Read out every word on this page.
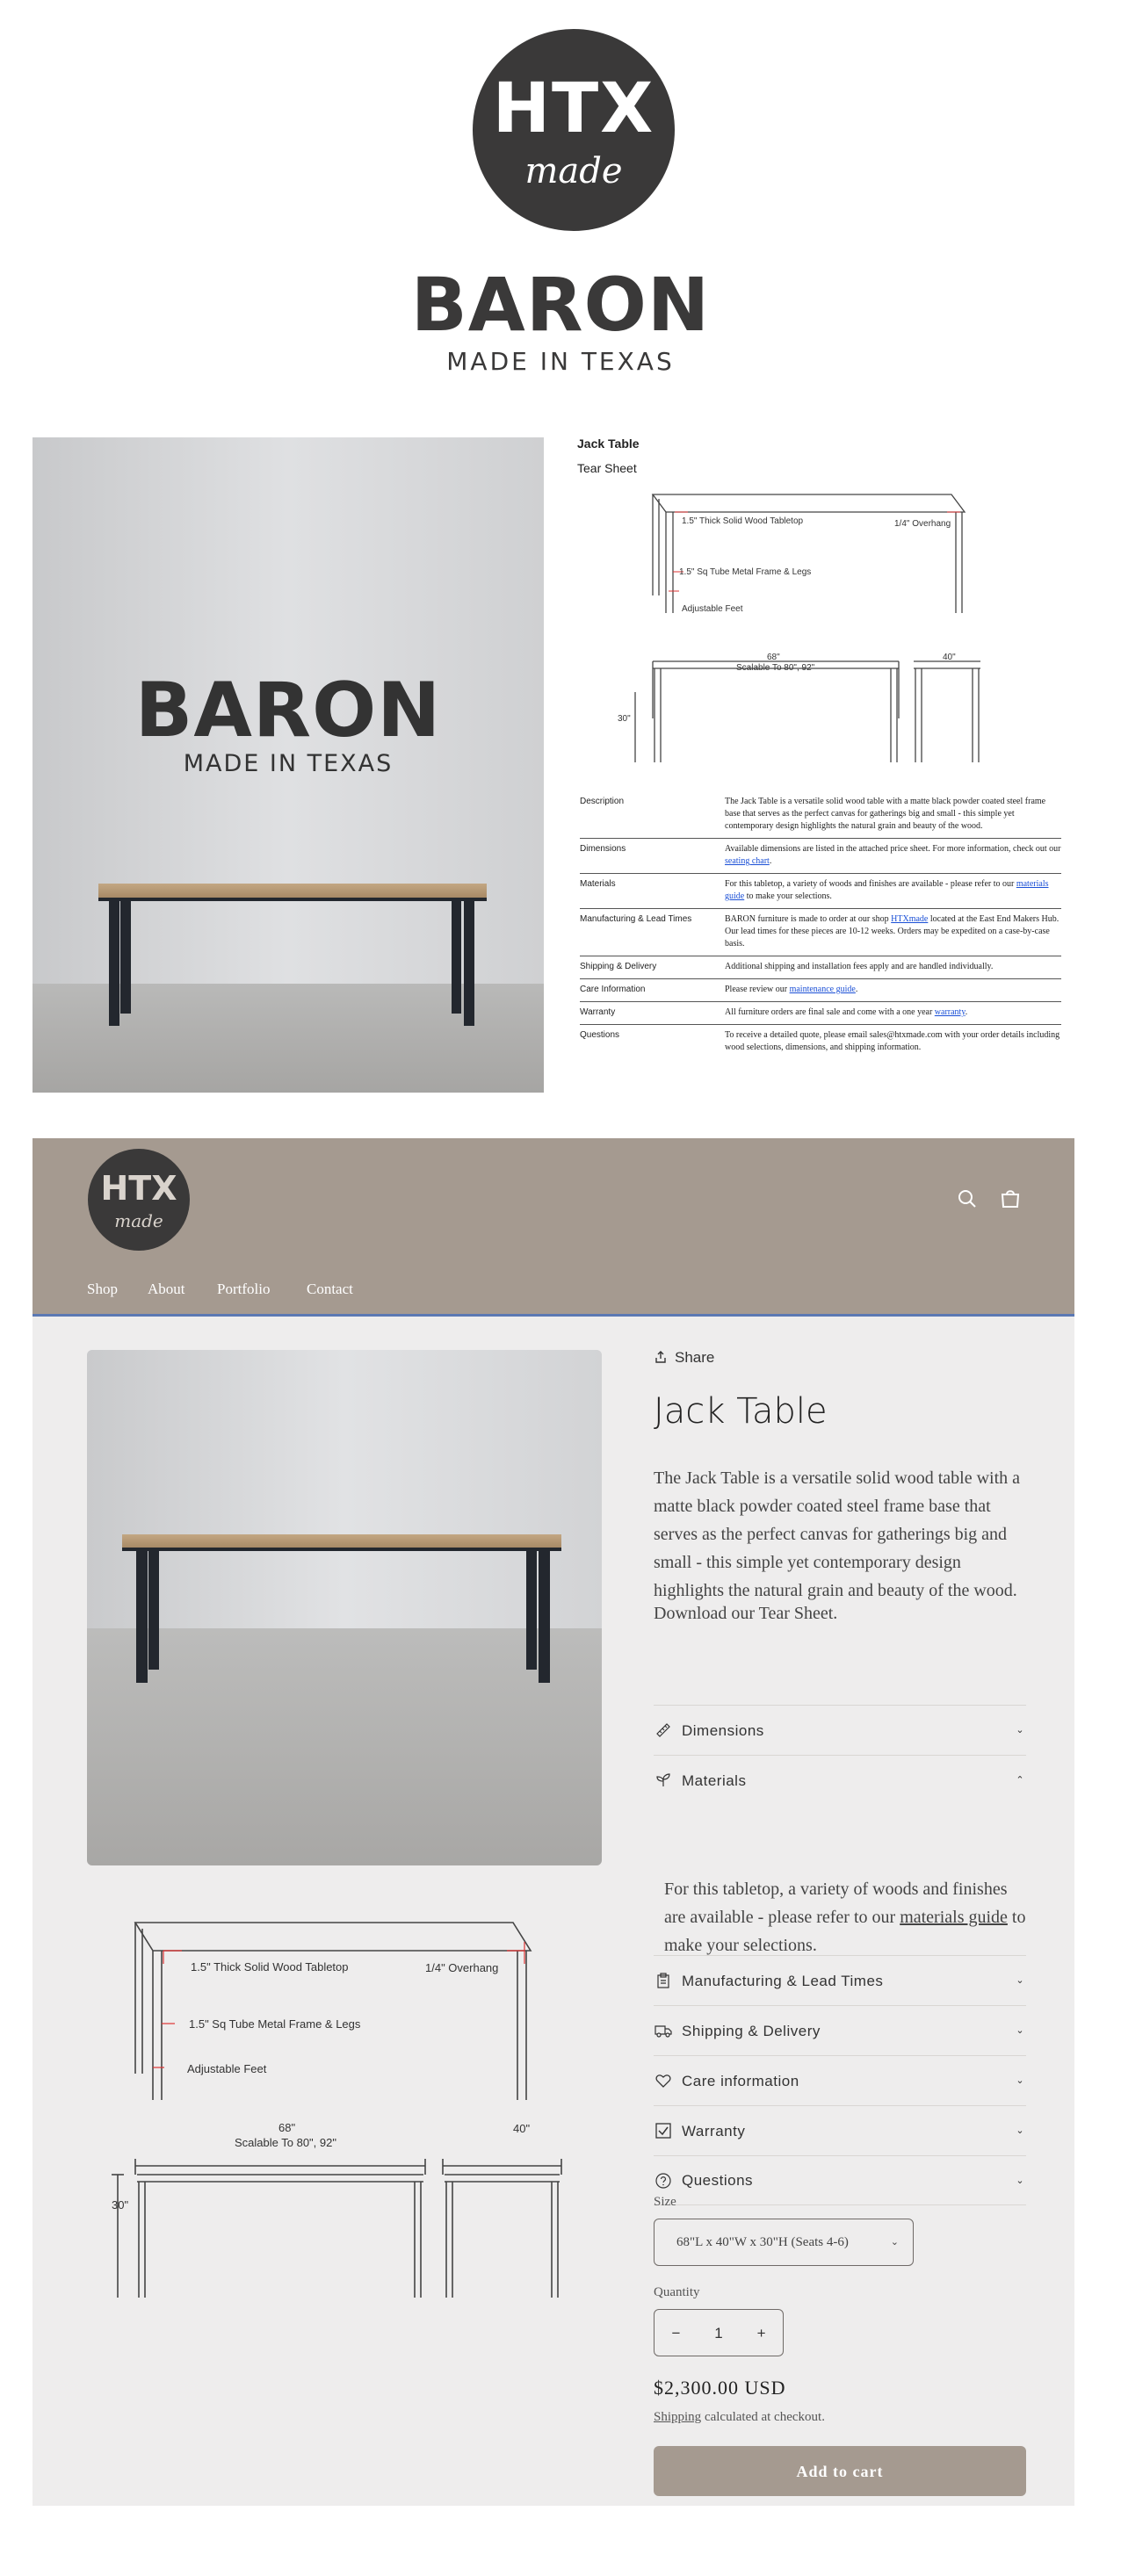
HTX
made
BARON
MADE IN TEXAS
BARON
MADE IN TEXAS
Jack Table
Tear Sheet
1.5" Thick Solid Wood Tabletop	1/4" Overhang
1.5" Sq Tube Metal Frame & Legs
Adjustable Feet
68"
Scalable To 80", 92"
40"
30"
Description	The Jack Table is a versatile solid wood table with a matte black powder coated steel frame base that serves as the perfect canvas for gatherings big and small - this simple yet contemporary design highlights the natural grain and beauty of the wood.
Dimensions	Available dimensions are listed in the attached price sheet. For more information, check out our seating chart.
Materials	For this tabletop, a variety of woods and finishes are available - please refer to our materials guide to make your selections.
Manufacturing & Lead Times	BARON furniture is made to order at our shop HTXmade located at the East End Makers Hub. Our lead times for these pieces are 10-12 weeks. Orders may be expedited on a case-by-case basis.
Shipping & Delivery	Additional shipping and installation fees apply and are handled individually.
Care Information	Please review our maintenance guide.
Warranty	All furniture orders are final sale and come with a one year warranty.
Questions	To receive a detailed quote, please email sales@htxmade.com with your order details including wood selections, dimensions, and shipping information.
HTX
made
Shop About Portfolio Contact
1.5" Thick Solid Wood Tabletop	1/4" Overhang
1.5" Sq Tube Metal Frame & Legs
Adjustable Feet
68"
Scalable To 80", 92"
40"
30"
Share
Jack Table
The Jack Table is a versatile solid wood table with a matte black powder coated steel frame base that serves as the perfect canvas for gatherings big and small - this simple yet contemporary design highlights the natural grain and beauty of the wood.
Download our Tear Sheet.
Dimensions	⌄
Materials	⌃
For this tabletop, a variety of woods and finishes are available - please refer to our materials guide to make your selections.
Manufacturing & Lead Times	⌄
Shipping & Delivery	⌄
Care information	⌄
Warranty	⌄
Questions	⌄
Size
68"L x 40"W x 30"H (Seats 4-6)	⌄
Quantity
− 1 +
$2,300.00 USD
Shipping calculated at checkout.
Add to cart
